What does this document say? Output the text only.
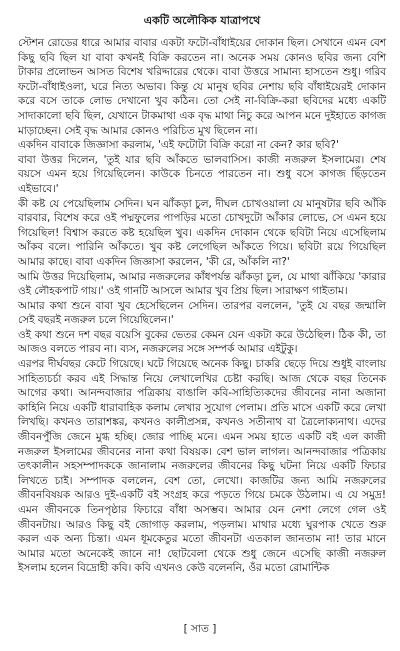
একটি অলৌকিক যাত্রাপথে

স্টেশন রোডের ধারে আমার বাবার একটা ফটো-বাঁধাইয়ের দোকান ছিল। সেখানে এমন বেশ কিছু ছবি ছিল যা বাবা কখনই বিক্রি করতেন না। অনেক সময় কোনও ছবির জন্য বেশি টাকার প্রলোভন আসত বিশেষ খরিদ্দারের থেকে। বাবা উত্তরে সামান্য হাসতেন শুধু। গরিব ফটো-বাঁধাইওলা, ঘরে নিত্য অভাব। কিন্তু যে মানুষ ছবির নেশায় ছবি বাঁধাইয়েরই দোকান করে বসে তাকে লোভ দেখানো খুব কঠিন। তো সেই না-বিক্রি-করা ছবিদের মধ্যে একটি সাদাকালো ছবি ছিল, যেখানে টাকমাথা এক বৃদ্ধ মাথা নিচু করে আপন মনে দুইহাতে কাগজ মাড়াচ্ছেন। সেই বৃদ্ধ আমার কোনও পরিচিত মুখ ছিলেন না।

একদিন বাবাকে জিজ্ঞাসা করলাম, 'এই ফটোটা বিক্রি করো না কেন? কার ছবি?'

বাবা উত্তর দিলেন, 'তুই যার ছবি আঁকতে ভালবাসিস। কাজী নজরুল ইসলামের। শেষ বয়সে এমন হয়ে গিয়েছিলেন। কাউকে চিনতে পারতেন না। শুধু বসে কাগজ ছিঁড়তেন এইভাবে।'

কী কষ্ট যে পেয়েছিলাম সেদিন। ঘন ঝাঁকড়া চুল, দীঘল চোখওয়ালা যে মানুষটার ছবি আঁকি বারবার, বিশেষ করে ওই পদ্মফুলের পাপড়ির মতো চোখদুটো আঁকার লোভে, সে এমন হয়ে গিয়েছিল! বিশ্বাস করতে কষ্ট হয়েছিল খুব। একদিন দোকান থেকে ছবিটা নিয়ে এসেছিলাম আঁকব বলে। পারিনি আঁকতে। খুব কষ্ট লেগেছিল আঁকতে গিয়ে। ছবিটা রয়ে গিয়েছিল আমার কাছে। বাবা একদিন জিজ্ঞাসা করলেন, 'কী রে, আঁকলি না?'

আমি উত্তর দিয়েছিলাম, আমার নজরুলের কাঁধপর্যন্ত ঝাঁকড়া চুল, যে মাথা ঝাঁকিয়ে 'কারার ওই লৌহকপাট গায়।' ওই গানটি আসলে আমার খুব প্রিয় ছিল। সারাক্ষণ গাইতাম।

আমার কথা শুনে বাবা খুব হেসেছিলেন সেদিন। তারপর বললেন, 'তুই যে বছর জন্মালি সেই বছরই নজরুল চলে গিয়েছিলেন।'

ওই কথা শুনে দশ বছর বয়েসি বুকের ভেতর কেমন যেন একটা করে উঠেছিল। ঠিক কী, তা আজও বলতে পারব না। ব্যস, নজরুলের সঙ্গে সম্পর্ক আমার এইটুকু।

এরপর দীর্ঘবছর কেটে গিয়েছে। ঘটে গিয়েছে অনেক কিছু। চাকরি ছেড়ে দিয়ে শুধুই বাংলায় সাহিত্যচর্চা করব এই সিদ্ধান্ত নিয়ে লেখালেখির চেষ্টা করছি। আজ থেকে বছর তিনেক আগের কথা। আনন্দবাজার পত্রিকায় বাঙালি কবি-সাহিত্যিকদের জীবনের নানা অজানা কাহিনি নিয়ে একটি ধারাবাহিক কলাম লেখার সুযোগ পেলাম। প্রতি মাসে একটি করে লেখা লিখছি। কখনও তারাশঙ্কর, কখনও কালীপ্রসন্ন, কখনও সতীনাথ বা ত্রৈলোক্যনাথ। এদের জীবনপুঁজি জেনে মুগ্ধ হচ্ছি। জোর পাচ্ছি মনে। এমন সময় হাতে একটি বই এল কাজী নজরুল ইসলামের জীবনের নানা কথা বিষয়ক। বেশ ভাল লাগল। আনন্দবাজার পত্রিকায় তৎকালীন সহসম্পাদককে জানালাম নজরুলের জীবনের কিছু ঘটনা নিয়ে একটি ফিচার লিখতে চাই। সম্পাদক বললেন, বেশ তো, লেখো। কাজটির জন্য আমি নজরুলের জীবনবিষয়ক আরও দুই-একটি বই সংগ্রহ করে পড়তে গিয়ে চমকে উঠলাম। এ যে সমুদ্র! এমন জীবনকে তিনপৃষ্ঠার ফিচারে বাঁধা অসম্ভব। আমার যেন নেশা লেগে গেল ওই জীবনটায়। আরও কিছু বই জোগাড় করলাম, পড়লাম। মাথার মধ্যে ঘুরপাক খেতে শুরু করল এক অন্য চিন্তা। এমন ধূমকেতুর মতো জীবনটা এতকাল জানতাম না! তার মানে আমার মতো অনেকেই জানে না! ছোটবেলা থেকে শুধু জেনে এসেছি কাজী নজরুল ইসলাম হলেন বিদ্রোহী কবি। কবি এখনও কেউ বলেননি, ওঁর মতো রোমান্টিক

[ সাত ]
